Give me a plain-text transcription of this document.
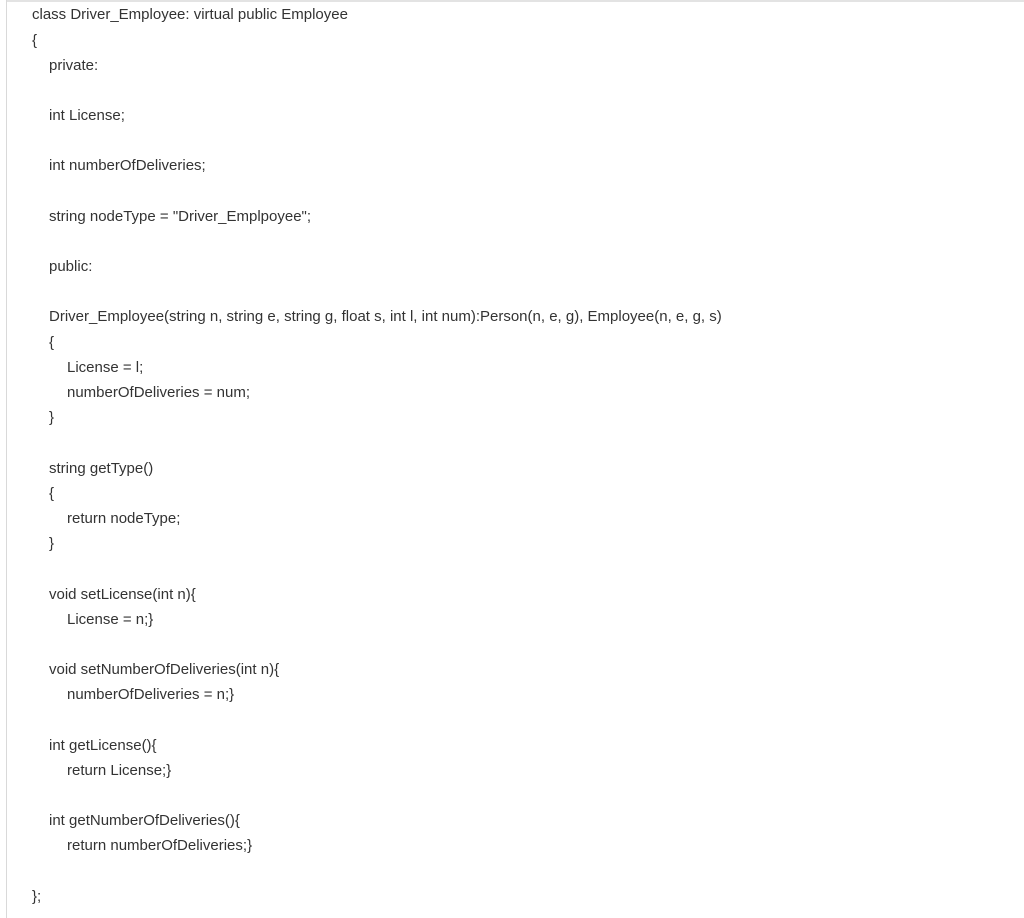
class Driver_Employee: virtual public Employee
{
private:
int License;
int numberOfDeliveries;
string nodeType = "Driver_Emplpoyee";
public:
Driver_Employee(string n, string e, string g, float s, int l, int num):Person(n, e, g), Employee(n, e, g, s)
{
License = l;
numberOfDeliveries = num;
}
string getType()
{
return nodeType;
}
void setLicense(int n){
License = n;}
void setNumberOfDeliveries(int n){
numberOfDeliveries = n;}
int getLicense(){
return License;}
int getNumberOfDeliveries(){
return numberOfDeliveries;}
};
